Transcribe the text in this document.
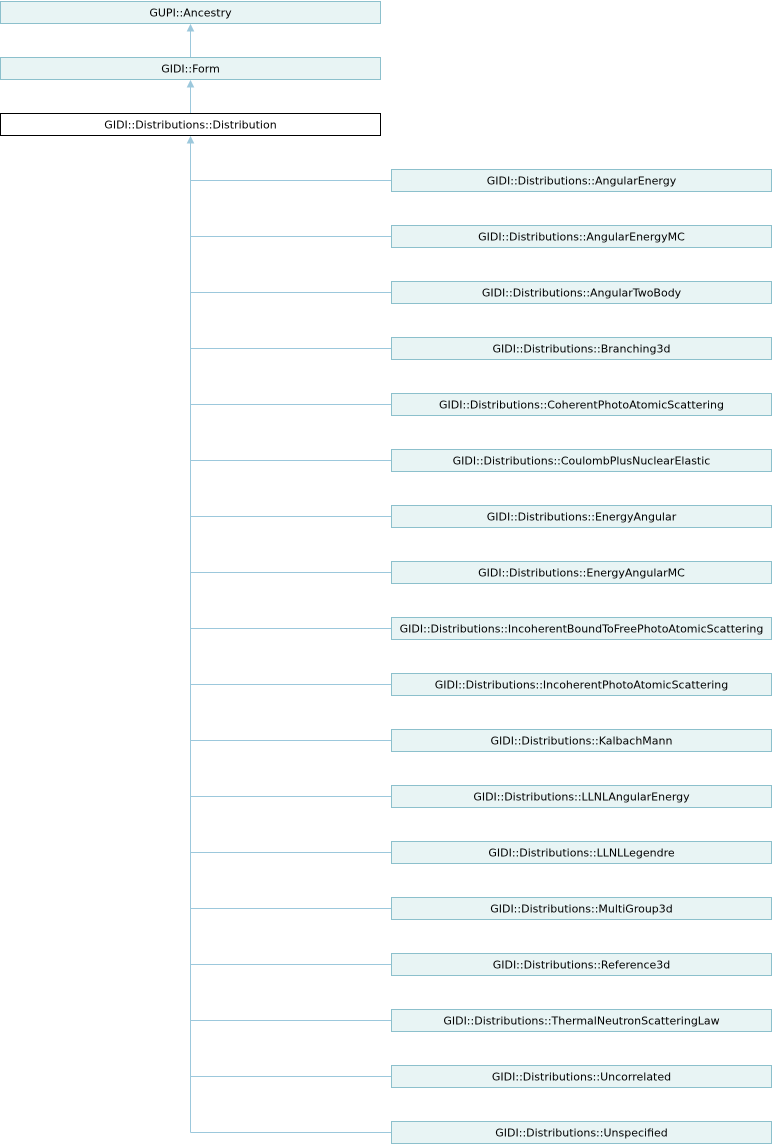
GUPI::Ancestry
GIDI::Form
GIDI::Distributions::Distribution
GIDI::Distributions::AngularEnergy
GIDI::Distributions::AngularEnergyMC
GIDI::Distributions::AngularTwoBody
GIDI::Distributions::Branching3d
GIDI::Distributions::CoherentPhotoAtomicScattering
GIDI::Distributions::CoulombPlusNuclearElastic
GIDI::Distributions::EnergyAngular
GIDI::Distributions::EnergyAngularMC
GIDI::Distributions::IncoherentBoundToFreePhotoAtomicScattering
GIDI::Distributions::IncoherentPhotoAtomicScattering
GIDI::Distributions::KalbachMann
GIDI::Distributions::LLNLAngularEnergy
GIDI::Distributions::LLNLLegendre
GIDI::Distributions::MultiGroup3d
GIDI::Distributions::Reference3d
GIDI::Distributions::ThermalNeutronScatteringLaw
GIDI::Distributions::Uncorrelated
GIDI::Distributions::Unspecified
